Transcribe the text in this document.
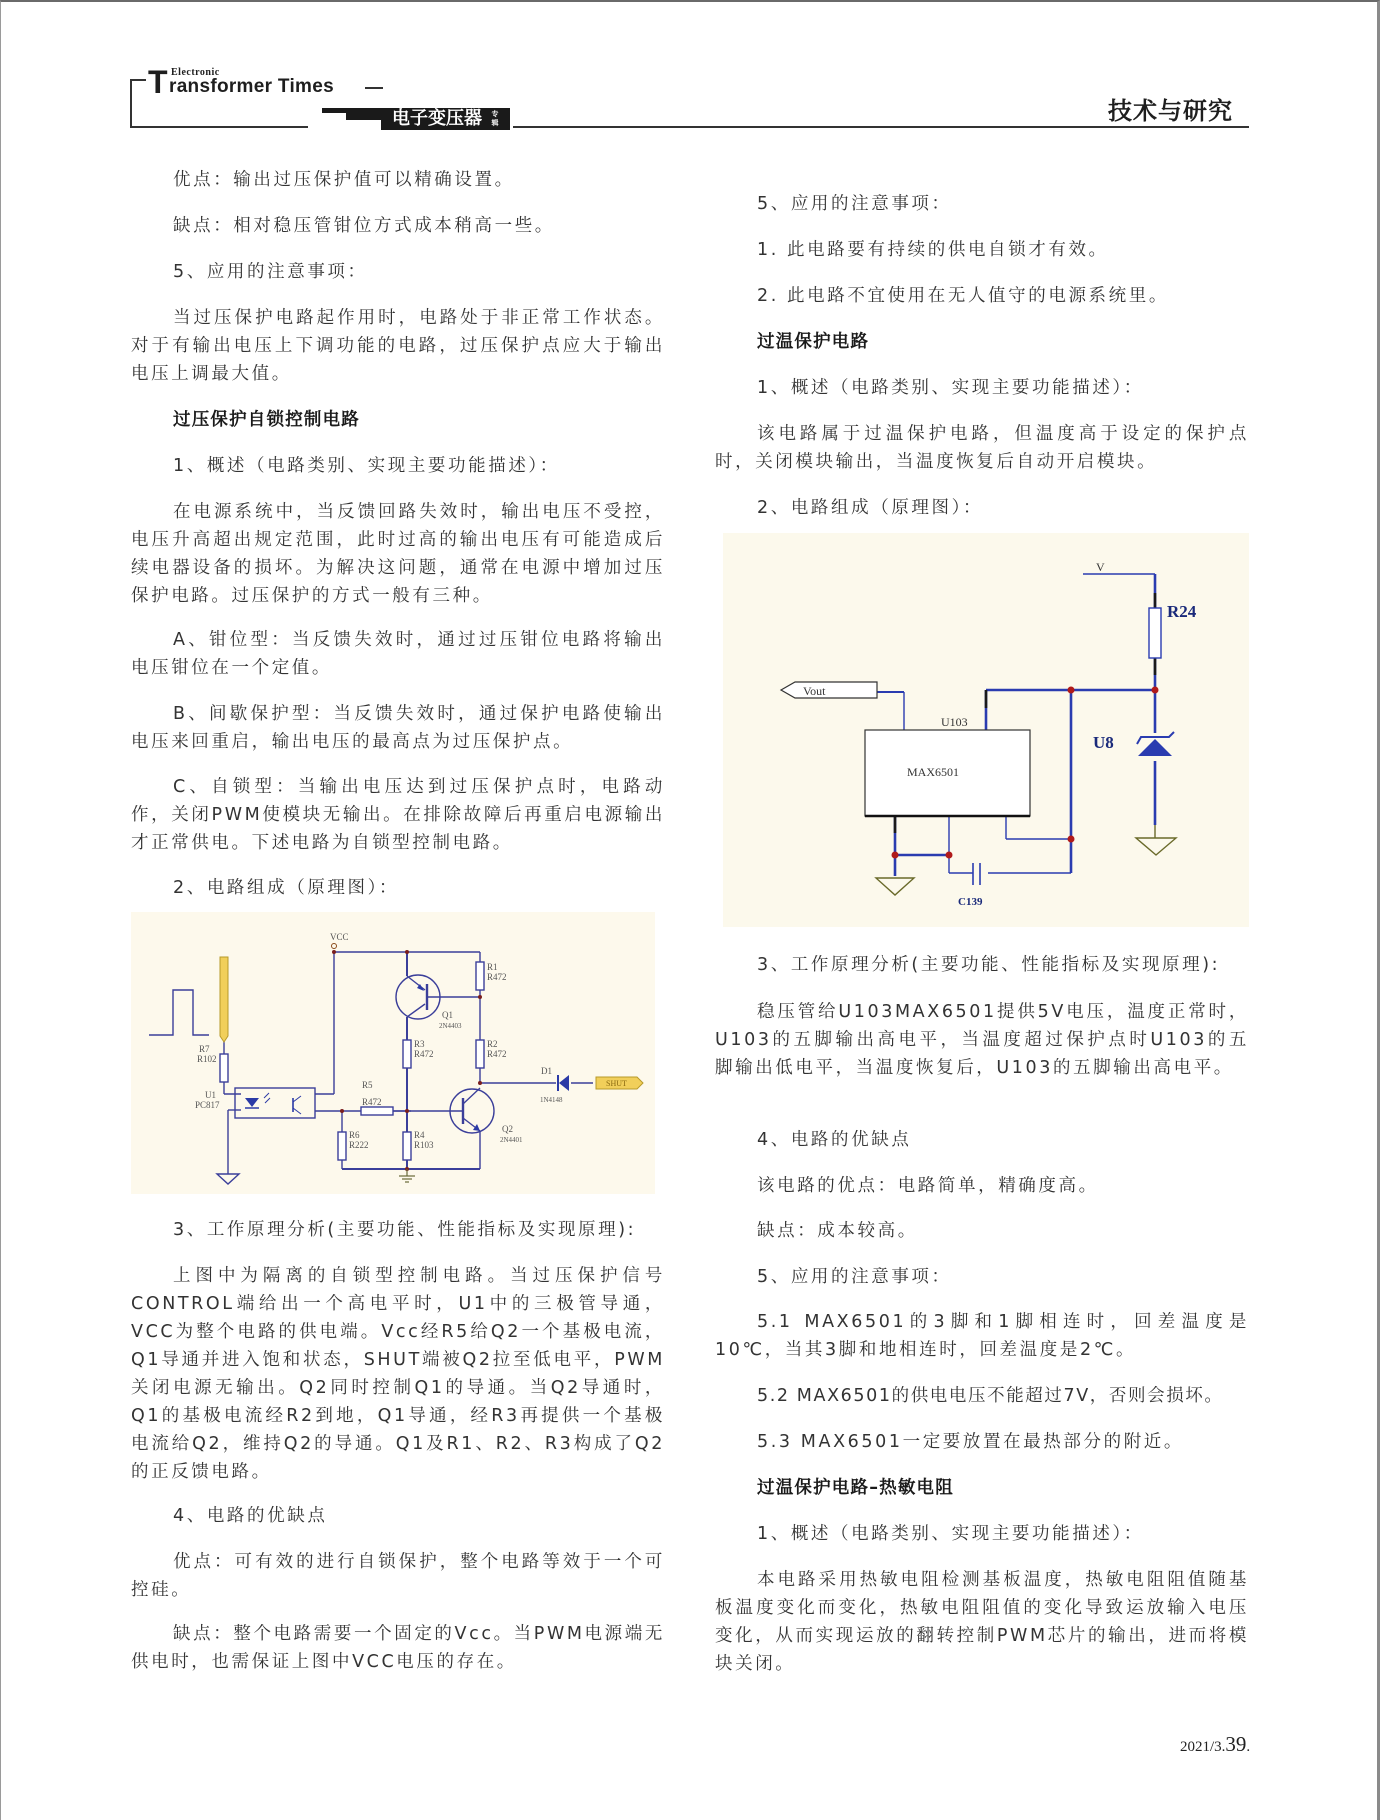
T Electronic
ransformer Times
电子变压器 专辑	技术与研究

优点：输出过压保护值可以精确设置。

缺点：相对稳压管钳位方式成本稍高一些。

5、应用的注意事项：

当过压保护电路起作用时，电路处于非正常工作状态。对于有输出电压上下调功能的电路，过压保护点应大于输出电压上调最大值。

过压保护自锁控制电路

1、概述（电路类别、实现主要功能描述）：

在电源系统中，当反馈回路失效时，输出电压不受控，电压升高超出规定范围，此时过高的输出电压有可能造成后续电器设备的损坏。为解决这问题，通常在电源中增加过压保护电路。过压保护的方式一般有三种。

A、钳位型：当反馈失效时，通过过压钳位电路将输出电压钳位在一个定值。

B、间歇保护型：当反馈失效时，通过保护电路使输出电压来回重启，输出电压的最高点为过压保护点。

C、自锁型：当输出电压达到过压保护点时，电路动作，关闭PWM使模块无输出。在排除故障后再重启电源输出才正常供电。下述电路为自锁型控制电路。

2、电路组成（原理图）：

3、工作原理分析(主要功能、性能指标及实现原理):

上图中为隔离的自锁型控制电路。当过压保护信号CONTROL端给出一个高电平时，U1中的三极管导通，VCC为整个电路的供电端。Vcc经R5给Q2一个基极电流，Q1导通并进入饱和状态，SHUT端被Q2拉至低电平，PWM关闭电源无输出。Q2同时控制Q1的导通。当Q2导通时，Q1的基极电流经R2到地，Q1导通，经R3再提供一个基极电流给Q2，维持Q2的导通。Q1及R1、R2、R3构成了Q2的正反馈电路。

4、电路的优缺点

优点：可有效的进行自锁保护，整个电路等效于一个可控硅。

缺点：整个电路需要一个固定的Vcc。当PWM电源端无供电时，也需保证上图中VCC电压的存在。

VCC
R7
R102
U1
PC817
R1
R472
Q1
2N4403
R3
R472
R2
R472
R5
R472
R6
R222
R4
R103
Q2
2N4401
D1
1N4148
SHUT

5、应用的注意事项：

1. 此电路要有持续的供电自锁才有效。

2. 此电路不宜使用在无人值守的电源系统里。

过温保护电路

1、概述（电路类别、实现主要功能描述）：

该电路属于过温保护电路，但温度高于设定的保护点时，关闭模块输出，当温度恢复后自动开启模块。

2、电路组成（原理图）：

3、工作原理分析(主要功能、性能指标及实现原理):

稳压管给U103MAX6501提供5V电压，温度正常时，U103的五脚输出高电平，当温度超过保护点时U103的五脚输出低电平，当温度恢复后，U103的五脚输出高电平。

4、电路的优缺点

该电路的优点：电路简单，精确度高。

缺点：成本较高。

5、应用的注意事项：

5.1 MAX6501的3脚和1脚相连时，回差温度是10℃，当其3脚和地相连时，回差温度是2℃。

5.2 MAX6501的供电电压不能超过7V，否则会损坏。

5.3 MAX6501一定要放置在最热部分的附近。

过温保护电路–热敏电阻

1、概述（电路类别、实现主要功能描述）：

本电路采用热敏电阻检测基板温度，热敏电阻阻值随基板温度变化而变化，热敏电阻阻值的变化导致运放输入电压变化，从而实现运放的翻转控制PWM芯片的输出，进而将模块关闭。

V
R24
Vout
U103
MAX6501
U8
C139
2021/3.39.
